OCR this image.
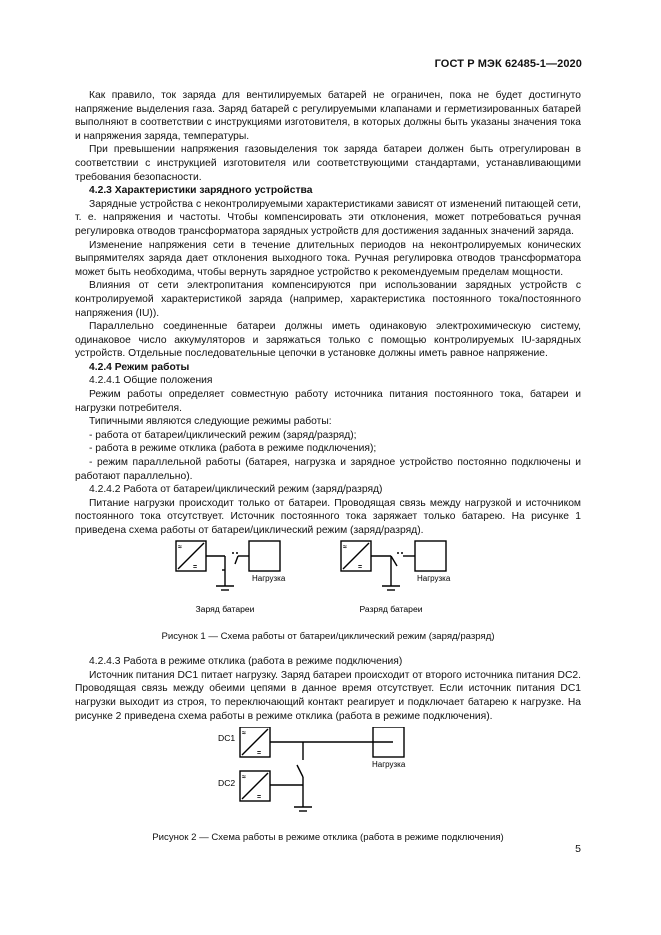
ГОСТ Р МЭК 62485-1—2020

Как правило, ток заряда для вентилируемых батарей не ограничен, пока не будет достигнуто напряжение выделения газа. Заряд батарей с регулируемыми клапанами и герметизированных батарей выполняют в соответствии с инструкциями изготовителя, в которых должны быть указаны значения тока и напряжения заряда, температуры.

При превышении напряжения газовыделения ток заряда батареи должен быть отрегулирован в соответствии с инструкцией изготовителя или соответствующими стандартами, устанавливающими требования безопасности.

4.2.3 Характеристики зарядного устройства

Зарядные устройства с неконтролируемыми характеристиками зависят от изменений питающей сети, т. е. напряжения и частоты. Чтобы компенсировать эти отклонения, может потребоваться ручная регулировка отводов трансформатора зарядных устройств для достижения заданных значений заряда.

Изменение напряжения сети в течение длительных периодов на неконтролируемых конических выпрямителях заряда дает отклонения выходного тока. Ручная регулировка отводов трансформатора может быть необходима, чтобы вернуть зарядное устройство к рекомендуемым пределам мощности.

Влияния от сети электропитания компенсируются при использовании зарядных устройств с контролируемой характеристикой заряда (например, характеристика постоянного тока/постоянного напряжения (IU)).

Параллельно соединенные батареи должны иметь одинаковую электрохимическую систему, одинаковое число аккумуляторов и заряжаться только с помощью контролируемых IU-зарядных устройств. Отдельные последовательные цепочки в установке должны иметь равное напряжение.

4.2.4 Режим работы

4.2.4.1 Общие положения

Режим работы определяет совместную работу источника питания постоянного тока, батареи и нагрузки потребителя.

Типичными являются следующие режимы работы:

- работа от батареи/циклический режим (заряд/разряд);

- работа в режиме отклика (работа в режиме подключения);

- режим параллельной работы (батарея, нагрузка и зарядное устройство постоянно подключены и работают параллельно).

4.2.4.2 Работа от батареи/циклический режим (заряд/разряд)

Питание нагрузки происходит только от батареи. Проводящая связь между нагрузкой и источником постоянного тока отсутствует. Источник постоянного тока заряжает только батарею. На рисунке 1 приведена схема работы от батареи/циклический режим (заряд/разряд).

≈
=
≈
=
Нагрузка	Нагрузка
Заряд батареи	Разряд батареи

Рисунок 1 — Схема работы от батареи/циклический режим (заряд/разряд)

4.2.4.3 Работа в режиме отклика (работа в режиме подключения)

Источник питания DC1 питает нагрузку. Заряд батареи происходит от второго источника питания DC2. Проводящая связь между обеими цепями в данное время отсутствует. Если источник питания DC1 нагрузки выходит из строя, то переключающий контакт реагирует и подключает батарею к нагрузке. На рисунке 2 приведена схема работы в режиме отклика (работа в режиме подключения).

≈
=
≈
=
DC1
DC2
Нагрузка

Рисунок 2 — Схема работы в режиме отклика (работа в режиме подключения)

5
